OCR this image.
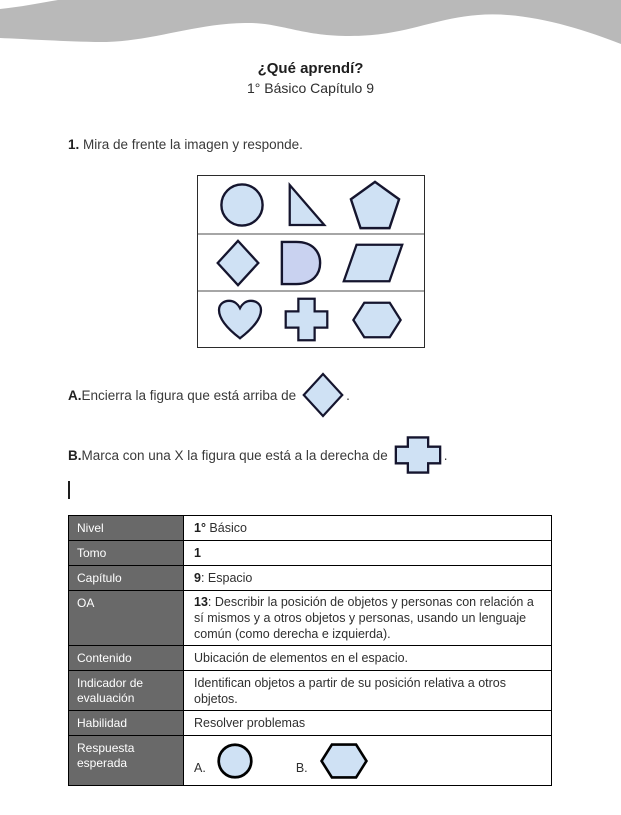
¿Qué aprendí?
1° Básico Capítulo 9
1. Mira de frente la imagen y responde.
A. Encierra la figura que está arriba de	.
B. Marca con una X la figura que está a la derecha de	.
Nivel	1° Básico
Tomo	1
Capítulo	9: Espacio
OA	13: Describir la posición de objetos y personas con relación a sí mismos y a otros objetos y personas, usando un lenguaje común (como derecha e izquierda).
Contenido	Ubicación de elementos en el espacio.
Indicador de evaluación	Identifican objetos a partir de su posición relativa a otros objetos.
Habilidad	Resolver problemas
Respuesta esperada	A. B.
